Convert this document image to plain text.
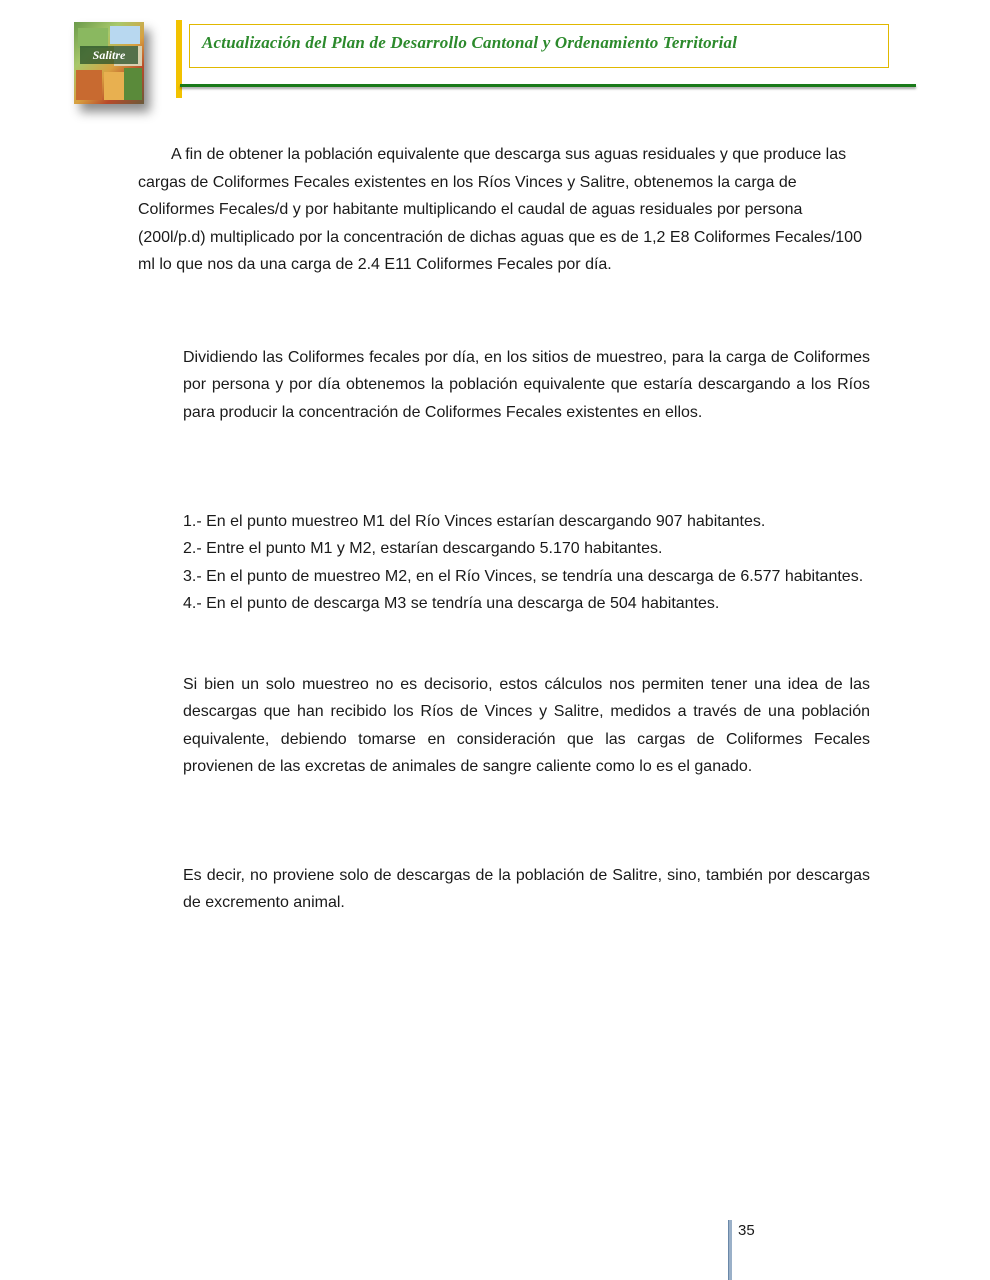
Salitre
Actualización del Plan de Desarrollo Cantonal y Ordenamiento Territorial
A fin de obtener la población equivalente que descarga sus aguas residuales y que produce las cargas de Coliformes Fecales existentes en los Ríos Vinces y Salitre, obtenemos la carga de Coliformes Fecales/d y por habitante multiplicando el caudal de aguas residuales por persona (200l/p.d) multiplicado por la concentración de dichas aguas que es de 1,2 E8 Coliformes Fecales/100 ml lo que nos da una carga de 2.4 E11 Coliformes Fecales por día.
Dividiendo las Coliformes fecales por día, en los sitios de muestreo, para la carga de Coliformes por persona y por día obtenemos la población equivalente que estaría descargando a los Ríos para producir la concentración de Coliformes Fecales existentes en ellos.
1.- En el punto muestreo M1 del Río Vinces estarían descargando 907 habitantes.
2.- Entre el punto M1 y M2, estarían descargando 5.170 habitantes.
3.- En el punto de muestreo M2, en el Río Vinces, se tendría una descarga de 6.577 habitantes.
4.- En el punto de descarga M3 se tendría una descarga de 504 habitantes.
Si bien un solo muestreo no es decisorio, estos cálculos nos permiten tener una idea de las descargas que han recibido los Ríos de Vinces y Salitre, medidos a través de una población equivalente, debiendo tomarse en consideración que las cargas de Coliformes Fecales provienen de las excretas de animales de sangre caliente como lo es el ganado.
Es decir, no proviene solo de descargas de la población de Salitre, sino, también por descargas de excremento animal.
35
